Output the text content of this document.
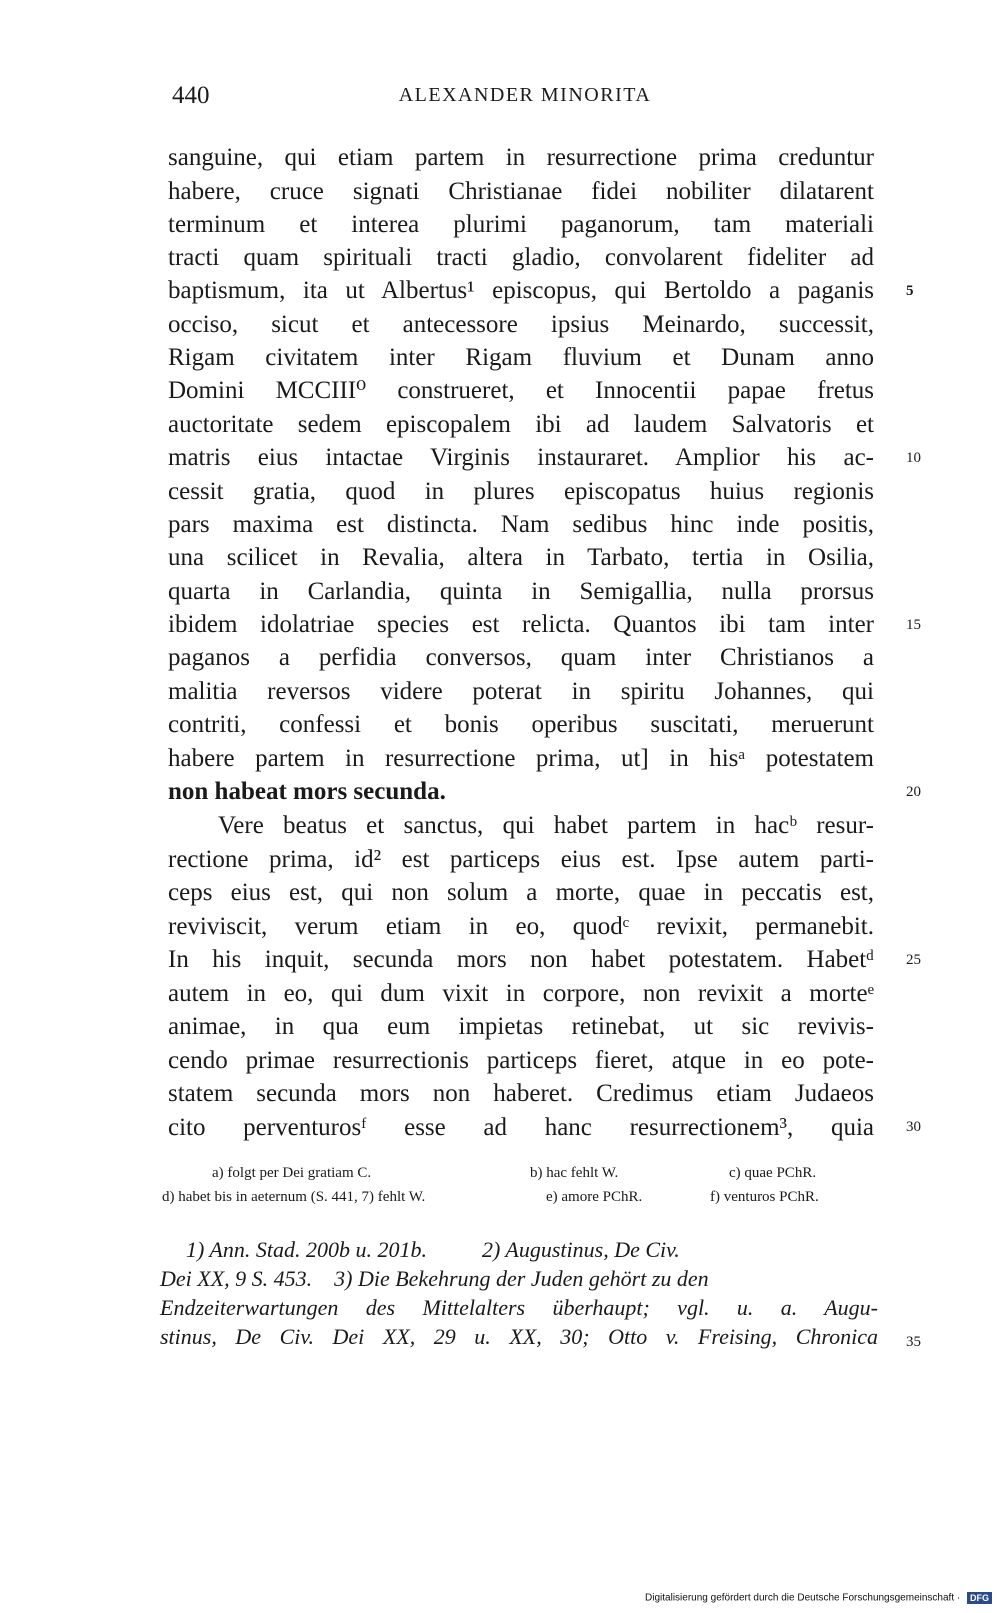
440	ALEXANDER MINORITA
sanguine, qui etiam partem in resurrectione prima creduntur
habere, cruce signati Christianae fidei nobiliter dilatarent
terminum et interea plurimi paganorum, tam materiali
tracti quam spirituali tracti gladio, convolarent fideliter ad
baptismum, ita ut Albertus¹ episcopus, qui Bertoldo a paganis
occiso, sicut et antecessore ipsius Meinardo, successit,
Rigam civitatem inter Rigam fluvium et Dunam anno
Domini MCCIII⁰ construeret, et Innocentii papae fretus
auctoritate sedem episcopalem ibi ad laudem Salvatoris et
matris eius intactae Virginis instauraret. Amplior his ac-
cessit gratia, quod in plures episcopatus huius regionis
pars maxima est distincta. Nam sedibus hinc inde positis,
una scilicet in Revalia, altera in Tarbato, tertia in Osilia,
quarta in Carlandia, quinta in Semigallia, nulla prorsus
ibidem idolatriae species est relicta. Quantos ibi tam inter
paganos a perfidia conversos, quam inter Christianos a
malitia reversos videre poterat in spiritu Johannes, qui
contriti, confessi et bonis operibus suscitati, meruerunt
habere partem in resurrectione prima, ut] in hisᵃ potestatem
non habeat mors secunda.
Vere beatus et sanctus, qui habet partem in hacᵇ resur-
rectione prima, id² est particeps eius est. Ipse autem parti-
ceps eius est, qui non solum a morte, quae in peccatis est,
reviviscit, verum etiam in eo, quodᶜ revixit, permanebit.
In his inquit, secunda mors non habet potestatem. Habetᵈ
autem in eo, qui dum vixit in corpore, non revixit a morteᵉ
animae, in qua eum impietas retinebat, ut sic revivis-
cendo primae resurrectionis particeps fieret, atque in eo pote-
statem secunda mors non haberet. Credimus etiam Judaeos
cito perventurosᶠ esse ad hanc resurrectionem³, quia
5
10
15
20
25
30
35
a) folgt per Dei gratiam C.	b) hac fehlt W.	c) quae PChR.
d) habet bis in aeternum (S. 441, 7) fehlt W.	e) amore PChR.	f) venturos PChR.
1) Ann. Stad. 200b u. 201b.          2) Augustinus, De Civ.
Dei XX, 9 S. 453.    3) Die Bekehrung der Juden gehört zu den
Endzeiterwartungen des Mittelalters überhaupt; vgl. u. a. Augu-
stinus, De Civ. Dei XX, 29 u. XX, 30; Otto v. Freising, Chronica
Digitalisierung gefördert durch die Deutsche Forschungsgemeinschaft · DFG
